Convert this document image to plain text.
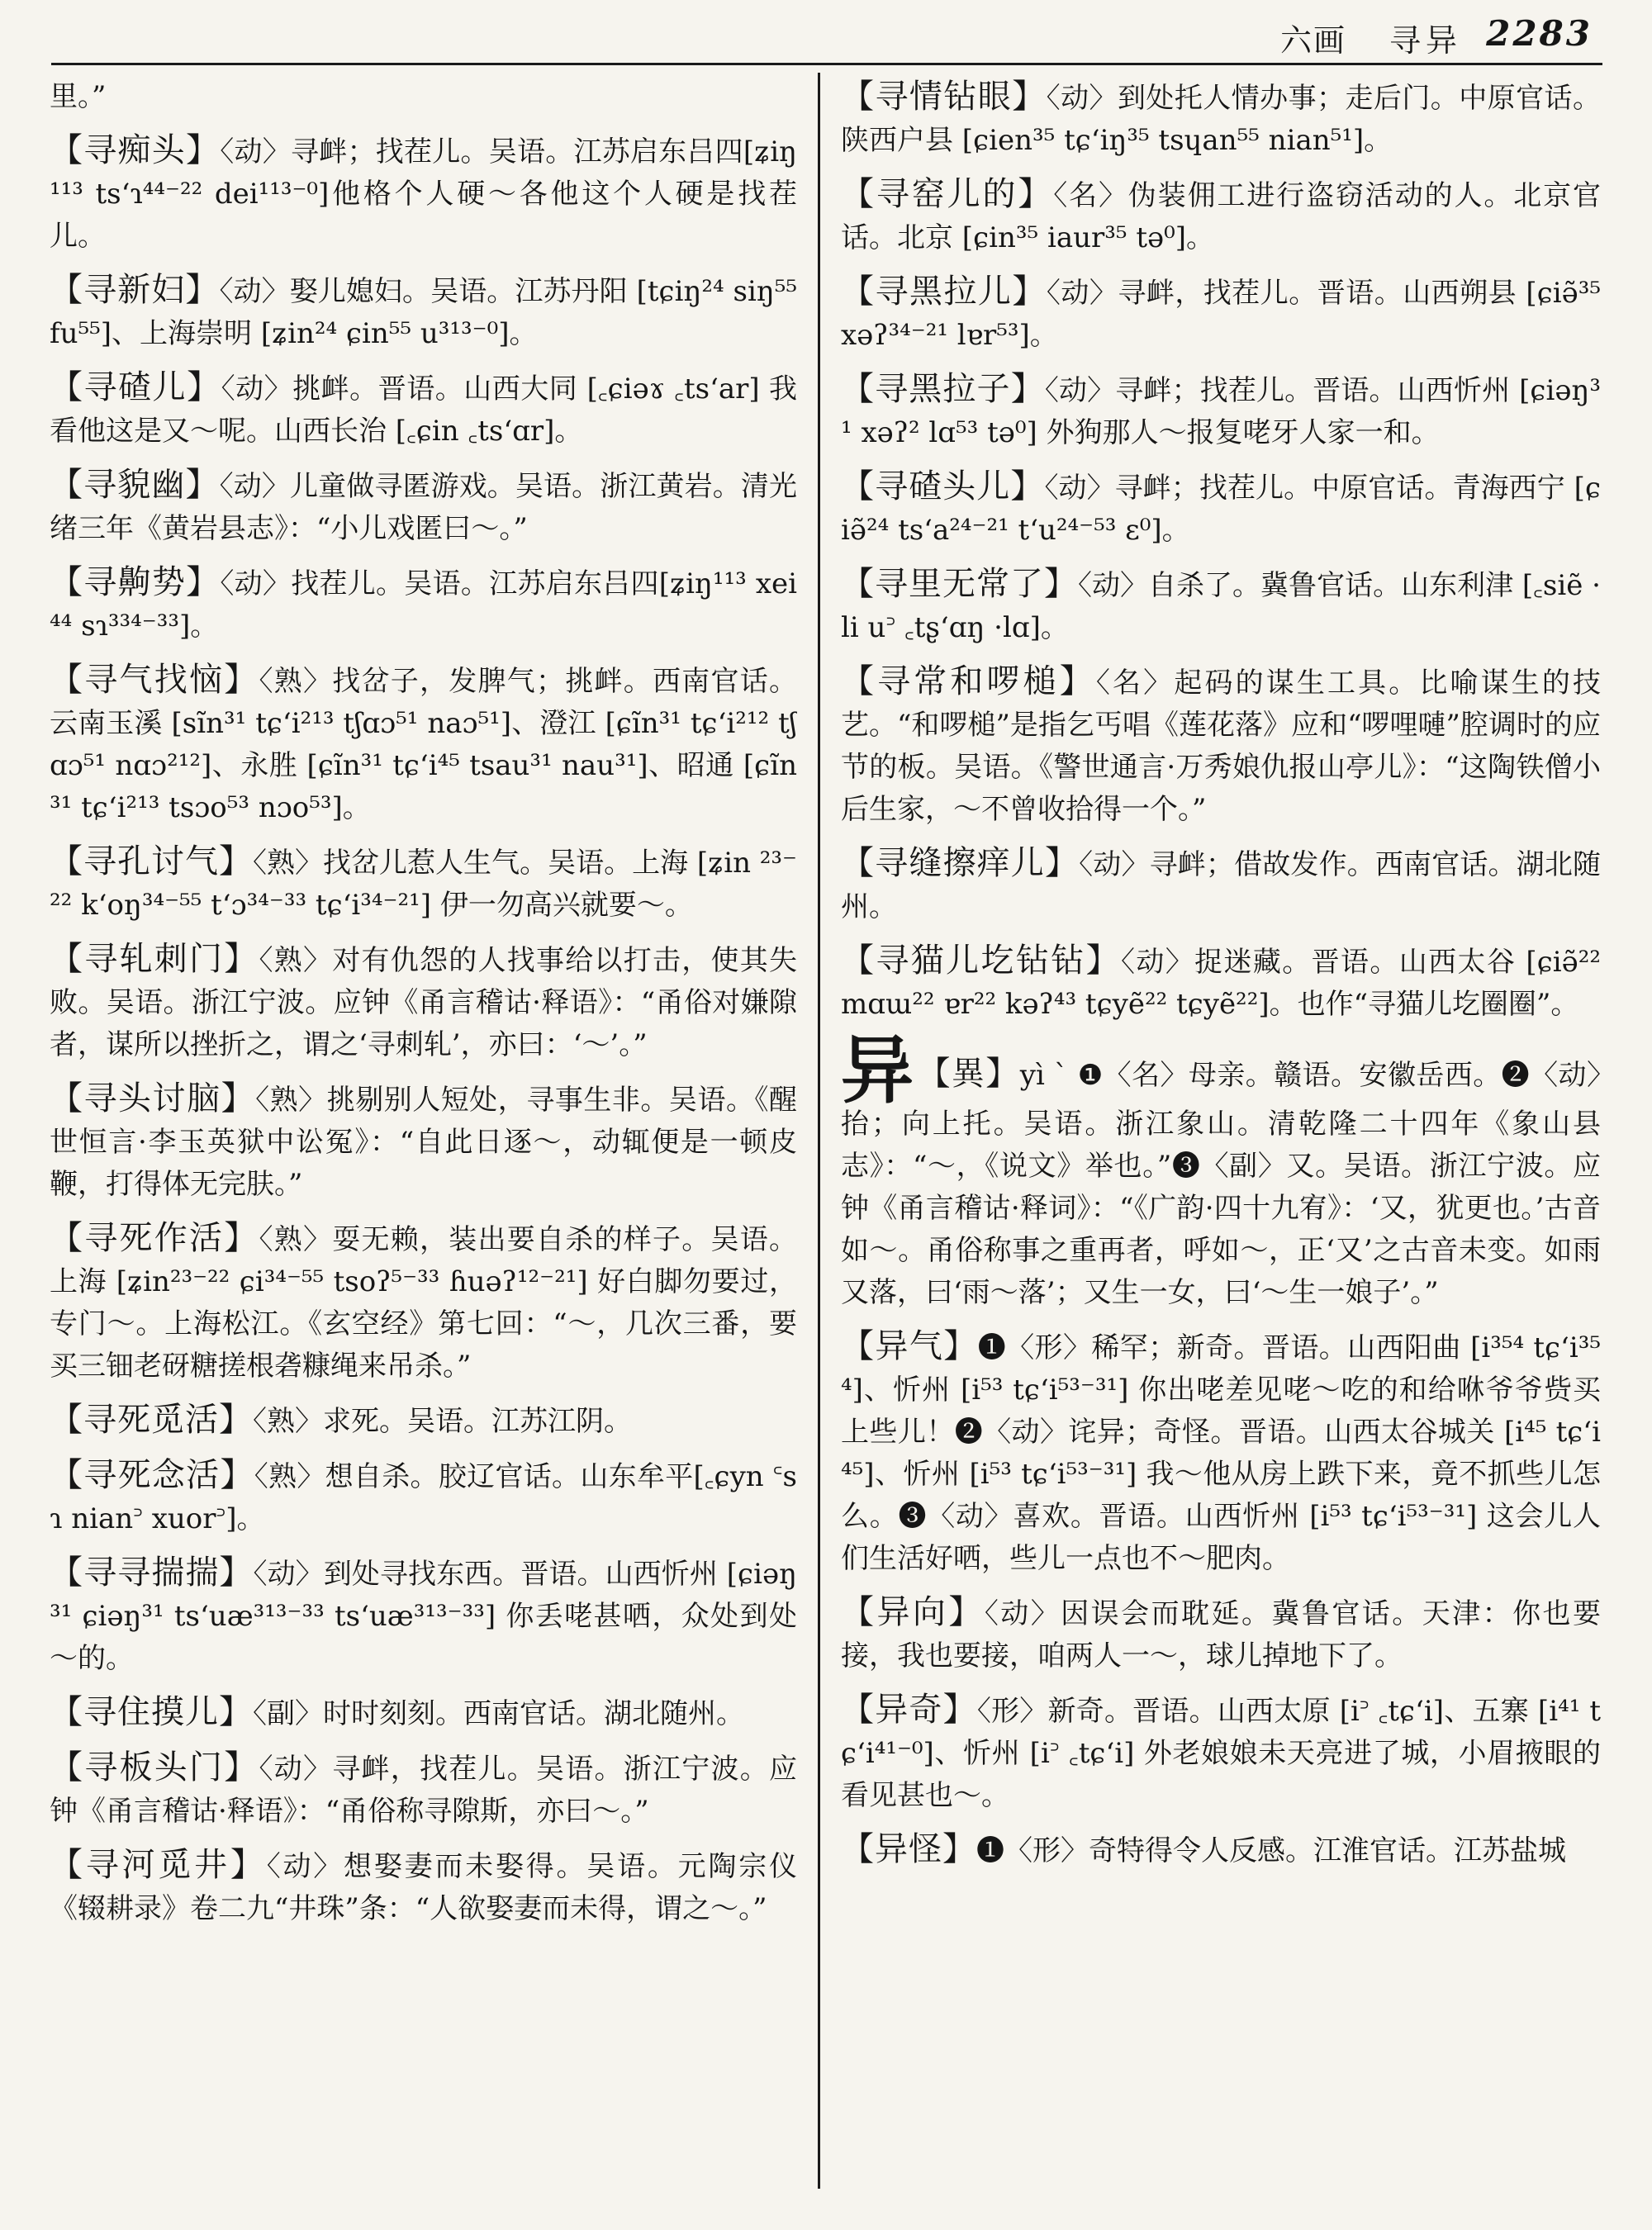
六画 寻异 2283

里。”

【寻痴头】〈动〉寻衅；找茬儿。吴语。江苏启东吕四[ʑiŋ¹¹³ tsʻɿ⁴⁴⁻²² dei¹¹³⁻⁰]他格个人硬～各他这个人硬是找茬儿。

【寻新妇】〈动〉娶儿媳妇。吴语。江苏丹阳 [tɕiŋ²⁴ siŋ⁵⁵ fu⁵⁵]、上海崇明 [ʑin²⁴ ɕin⁵⁵ u³¹³⁻⁰]。

【寻碴儿】〈动〉挑衅。晋语。山西大同 [꜀ɕiəɤ ꜀tsʻar] 我看他这是又～呢。山西长治 [꜀ɕin ꜀tsʻɑr]。

【寻貌幽】〈动〉儿童做寻匿游戏。吴语。浙江黄岩。清光绪三年《黄岩县志》：“小儿戏匿曰～。”

【寻齁势】〈动〉找茬儿。吴语。江苏启东吕四[ʑiŋ¹¹³ xei⁴⁴ sɿ³³⁴⁻³³]。

【寻气找恼】〈熟〉找岔子，发脾气；挑衅。西南官话。云南玉溪 [sĩn³¹ tɕʻi²¹³ tʃɑɔ⁵¹ naɔ⁵¹]、澄江 [ɕĩn³¹ tɕʻi²¹² tʃɑɔ⁵¹ nɑɔ²¹²]、永胜 [ɕĩn³¹ tɕʻi⁴⁵ tsau³¹ nau³¹]、昭通 [ɕĩn³¹ tɕʻi²¹³ tsɔo⁵³ nɔo⁵³]。

【寻孔讨气】〈熟〉找岔儿惹人生气。吴语。上海 [ʑin ²³⁻²² kʻoŋ³⁴⁻⁵⁵ tʻɔ³⁴⁻³³ tɕʻi³⁴⁻²¹] 伊一勿高兴就要～。

【寻轧刺门】〈熟〉对有仇怨的人找事给以打击，使其失败。吴语。浙江宁波。应钟《甬言稽诂·释语》：“甬俗对嫌隙者，谋所以挫折之，谓之‘寻刺轧’，亦曰：‘～’。”

【寻头讨脑】〈熟〉挑剔别人短处，寻事生非。吴语。《醒世恒言·李玉英狱中讼冤》：“自此日逐～，动辄便是一顿皮鞭，打得体无完肤。”

【寻死作活】〈熟〉耍无赖，装出要自杀的样子。吴语。上海 [ʑin²³⁻²² ɕi³⁴⁻⁵⁵ tsoʔ⁵⁻³³ ɦuəʔ¹²⁻²¹] 好白脚勿要过，专门～。上海松江。《玄空经》第七回：“～，几次三番，要买三钿老砑糖搓根砻糠绳来吊杀。”

【寻死觅活】〈熟〉求死。吴语。江苏江阴。

【寻死念活】〈熟〉想自杀。胶辽官话。山东牟平[꜀ɕyn ꜂sɿ nian꜄ xuor꜄]。

【寻寻揣揣】〈动〉到处寻找东西。晋语。山西忻州 [ɕiəŋ³¹ ɕiəŋ³¹ tsʻuæ³¹³⁻³³ tsʻuæ³¹³⁻³³] 你丢咾甚哂，众处到处～的。

【寻住摸儿】〈副〉时时刻刻。西南官话。湖北随州。

【寻板头门】〈动〉寻衅，找茬儿。吴语。浙江宁波。应钟《甬言稽诂·释语》：“甬俗称寻隙斯，亦曰～。”

【寻河觅井】〈动〉想娶妻而未娶得。吴语。元陶宗仪《辍耕录》卷二九“井珠”条：“人欲娶妻而未得，谓之～。”

【寻情钻眼】〈动〉到处托人情办事；走后门。中原官话。陕西户县 [ɕien³⁵ tɕʻiŋ³⁵ tsɥan⁵⁵ nian⁵¹]。

【寻窑儿的】〈名〉伪装佣工进行盗窃活动的人。北京官话。北京 [ɕin³⁵ iaur³⁵ tə⁰]。

【寻黑拉儿】〈动〉寻衅，找茬儿。晋语。山西朔县 [ɕiə̃³⁵ xəʔ³⁴⁻²¹ lɐr⁵³]。

【寻黑拉子】〈动〉寻衅；找茬儿。晋语。山西忻州 [ɕiəŋ³¹ xəʔ² lɑ⁵³ tə⁰] 外狗那人～报复咾牙人家一和。

【寻碴头儿】〈动〉寻衅；找茬儿。中原官话。青海西宁 [ɕiə̃²⁴ tsʻa²⁴⁻²¹ tʻu²⁴⁻⁵³ ɛ⁰]。

【寻里无常了】〈动〉自杀了。冀鲁官话。山东利津 [꜀siẽ ·li u꜄ ꜀tʂʻɑŋ ·lɑ]。

【寻常和啰槌】〈名〉起码的谋生工具。比喻谋生的技艺。“和啰槌”是指乞丐唱《莲花落》应和“啰哩嗹”腔调时的应节的板。吴语。《警世通言·万秀娘仇报山亭儿》：“这陶铁僧小后生家，～不曾收拾得一个。”

【寻缝擦痒儿】〈动〉寻衅；借故发作。西南官话。湖北随州。

【寻猫儿圪钻钻】〈动〉捉迷藏。晋语。山西太谷 [ɕiə̃²² mɑɯ²² ɐr²² kəʔ⁴³ tɕyẽ²² tɕyẽ²²]。也作“寻猫儿圪圈圈”。

异 【異】yì ˋ ❶〈名〉母亲。赣语。安徽岳西。❷〈动〉抬；向上托。吴语。浙江象山。清乾隆二十四年《象山县志》：“～，《说文》举也。”❸〈副〉又。吴语。浙江宁波。应钟《甬言稽诂·释词》：“《广韵·四十九宥》：‘又，犹更也。’古音如～。甬俗称事之重再者，呼如～，正‘又’之古音未变。如雨又落，曰‘雨～落’；又生一女，曰‘～生一娘子’。”

【异气】❶〈形〉稀罕；新奇。晋语。山西阳曲 [i³⁵⁴ tɕʻi³⁵⁴]、忻州 [i⁵³ tɕʻi⁵³⁻³¹] 你出咾差见咾～吃的和给咻爷爷赀买上些儿！❷〈动〉诧异；奇怪。晋语。山西太谷城关 [i⁴⁵ tɕʻi⁴⁵]、忻州 [i⁵³ tɕʻi⁵³⁻³¹] 我～他从房上跌下来，竟不抓些儿怎么。❸〈动〉喜欢。晋语。山西忻州 [i⁵³ tɕʻi⁵³⁻³¹] 这会儿人们生活好哂，些儿一点也不～肥肉。

【异向】〈动〉因误会而耽延。冀鲁官话。天津：你也要接，我也要接，咱两人一～，球儿掉地下了。

【异奇】〈形〉新奇。晋语。山西太原 [i꜄ ꜀tɕʻi]、五寨 [i⁴¹ tɕʻi⁴¹⁻⁰]、忻州 [i꜄ ꜀tɕʻi] 外老娘娘未天亮进了城，小眉掖眼的看见甚也～。

【异怪】❶〈形〉奇特得令人反感。江淮官话。江苏盐城
